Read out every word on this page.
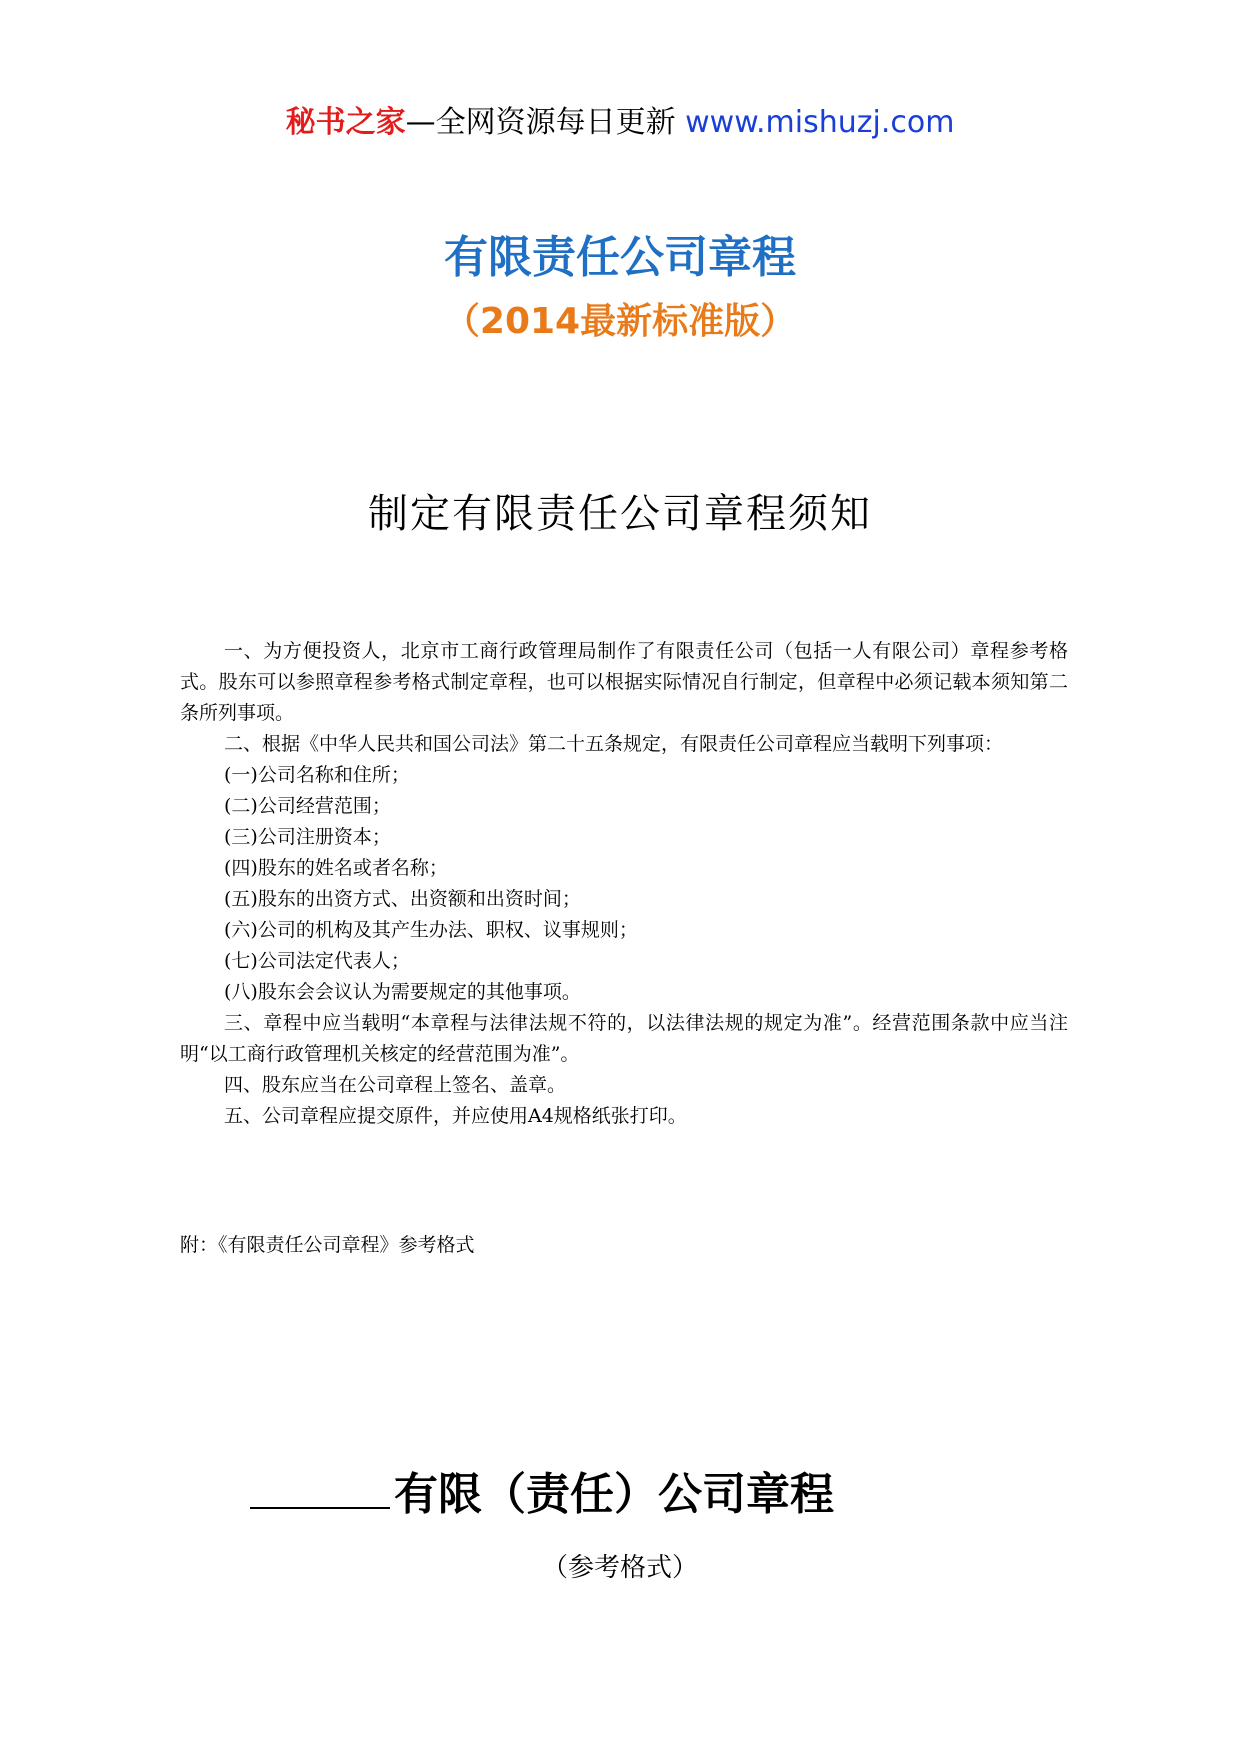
秘书之家—全网资源每日更新 www.mishuzj.com
有限责任公司章程
（2014最新标准版）
制定有限责任公司章程须知

一、为方便投资人，北京市工商行政管理局制作了有限责任公司（包括一人有限公司）章程参考格式。股东可以参照章程参考格式制定章程，也可以根据实际情况自行制定，但章程中必须记载本须知第二条所列事项。

二、根据《中华人民共和国公司法》第二十五条规定，有限责任公司章程应当载明下列事项：

(一)公司名称和住所；

(二)公司经营范围；

(三)公司注册资本；

(四)股东的姓名或者名称；

(五)股东的出资方式、出资额和出资时间；

(六)公司的机构及其产生办法、职权、议事规则；

(七)公司法定代表人；

(八)股东会会议认为需要规定的其他事项。

三、章程中应当载明“本章程与法律法规不符的，以法律法规的规定为准”。经营范围条款中应当注明“以工商行政管理机关核定的经营范围为准”。

四、股东应当在公司章程上签名、盖章。

五、公司章程应提交原件，并应使用A4规格纸张打印。

附：《有限责任公司章程》参考格式
有限（责任）公司章程
（参考格式）
